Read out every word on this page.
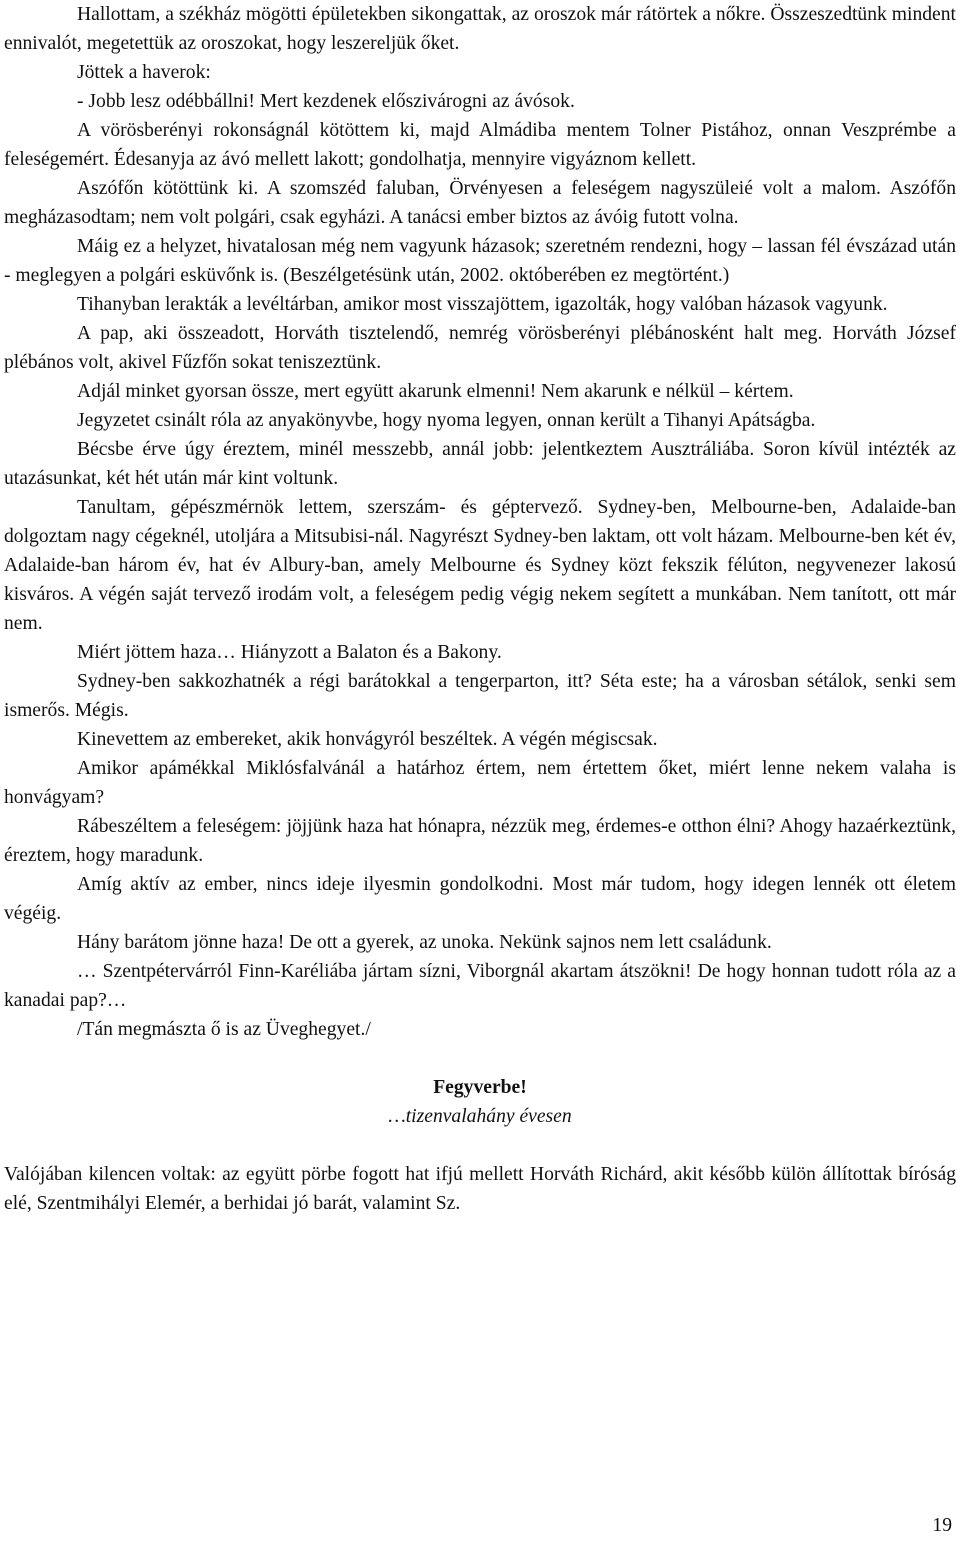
Hallottam, a székház mögötti épületekben sikongattak, az oroszok már rátörtek a nőkre. Összeszedtünk mindent ennivalót, megetettük az oroszokat, hogy leszereljük őket.

Jöttek a haverok:

- Jobb lesz odébbállni! Mert kezdenek előszivárogni az ávósok.

A vörösberényi rokonságnál kötöttem ki, majd Almádiba mentem Tolner Pistához, onnan Veszprémbe a feleségemért. Édesanyja az ávó mellett lakott; gondolhatja, mennyire vigyáznom kellett.

Aszófőn kötöttünk ki. A szomszéd faluban, Örvényesen a feleségem nagyszüleié volt a malom. Aszófőn megházasodtam; nem volt polgári, csak egyházi. A tanácsi ember biztos az ávóig futott volna.

Máig ez a helyzet, hivatalosan még nem vagyunk házasok; szeretném rendezni, hogy – lassan fél évszázad után - meglegyen a polgári esküvőnk is. (Beszélgetésünk után, 2002. októberében ez megtörtént.)

Tihanyban lerakták a levéltárban, amikor most visszajöttem, igazolták, hogy valóban házasok vagyunk.

A pap, aki összeadott, Horváth tisztelendő, nemrég vörösberényi plébánosként halt meg. Horváth József plébános volt, akivel Fűzfőn sokat teniszeztünk.

Adjál minket gyorsan össze, mert együtt akarunk elmenni! Nem akarunk e nélkül – kértem.

Jegyzetet csinált róla az anyakönyvbe, hogy nyoma legyen, onnan került a Tihanyi Apátságba.

Bécsbe érve úgy éreztem, minél messzebb, annál jobb: jelentkeztem Ausztráliába. Soron kívül intézték az utazásunkat, két hét után már kint voltunk.

Tanultam, gépészmérnök lettem, szerszám- és géptervező. Sydney-ben, Melbourne-ben, Adalaide-ban dolgoztam nagy cégeknél, utoljára a Mitsubisi-nál. Nagyrészt Sydney-ben laktam, ott volt házam. Melbourne-ben két év, Adalaide-ban három év, hat év Albury-ban, amely Melbourne és Sydney közt fekszik félúton, negyvenezer lakosú kisváros. A végén saját tervező irodám volt, a feleségem pedig végig nekem segített a munkában. Nem tanított, ott már nem.

Miért jöttem haza… Hiányzott a Balaton és a Bakony.

Sydney-ben sakkozhatnék a régi barátokkal a tengerparton, itt? Séta este; ha a városban sétálok, senki sem ismerős. Mégis.

Kinevettem az embereket, akik honvágyról beszéltek. A végén mégiscsak.

Amikor apámékkal Miklósfalvánál a határhoz értem, nem értettem őket, miért lenne nekem valaha is honvágyam?

Rábeszéltem a feleségem: jöjjünk haza hat hónapra, nézzük meg, érdemes-e otthon élni? Ahogy hazaérkeztünk, éreztem, hogy maradunk.

Amíg aktív az ember, nincs ideje ilyesmin gondolkodni. Most már tudom, hogy idegen lennék ott életem végéig.

Hány barátom jönne haza! De ott a gyerek, az unoka. Nekünk sajnos nem lett családunk.

… Szentpétervárról Finn-Karéliába jártam sízni, Viborgnál akartam átszökni! De hogy honnan tudott róla az a kanadai pap?…

/Tán megmászta ő is az Üveghegyet./

Fegyverbe!

…tizenvalahány évesen

Valójában kilencen voltak: az együtt pörbe fogott hat ifjú mellett Horváth Richárd, akit később külön állítottak bíróság elé, Szentmihályi Elemér, a berhidai jó barát, valamint Sz.

19
